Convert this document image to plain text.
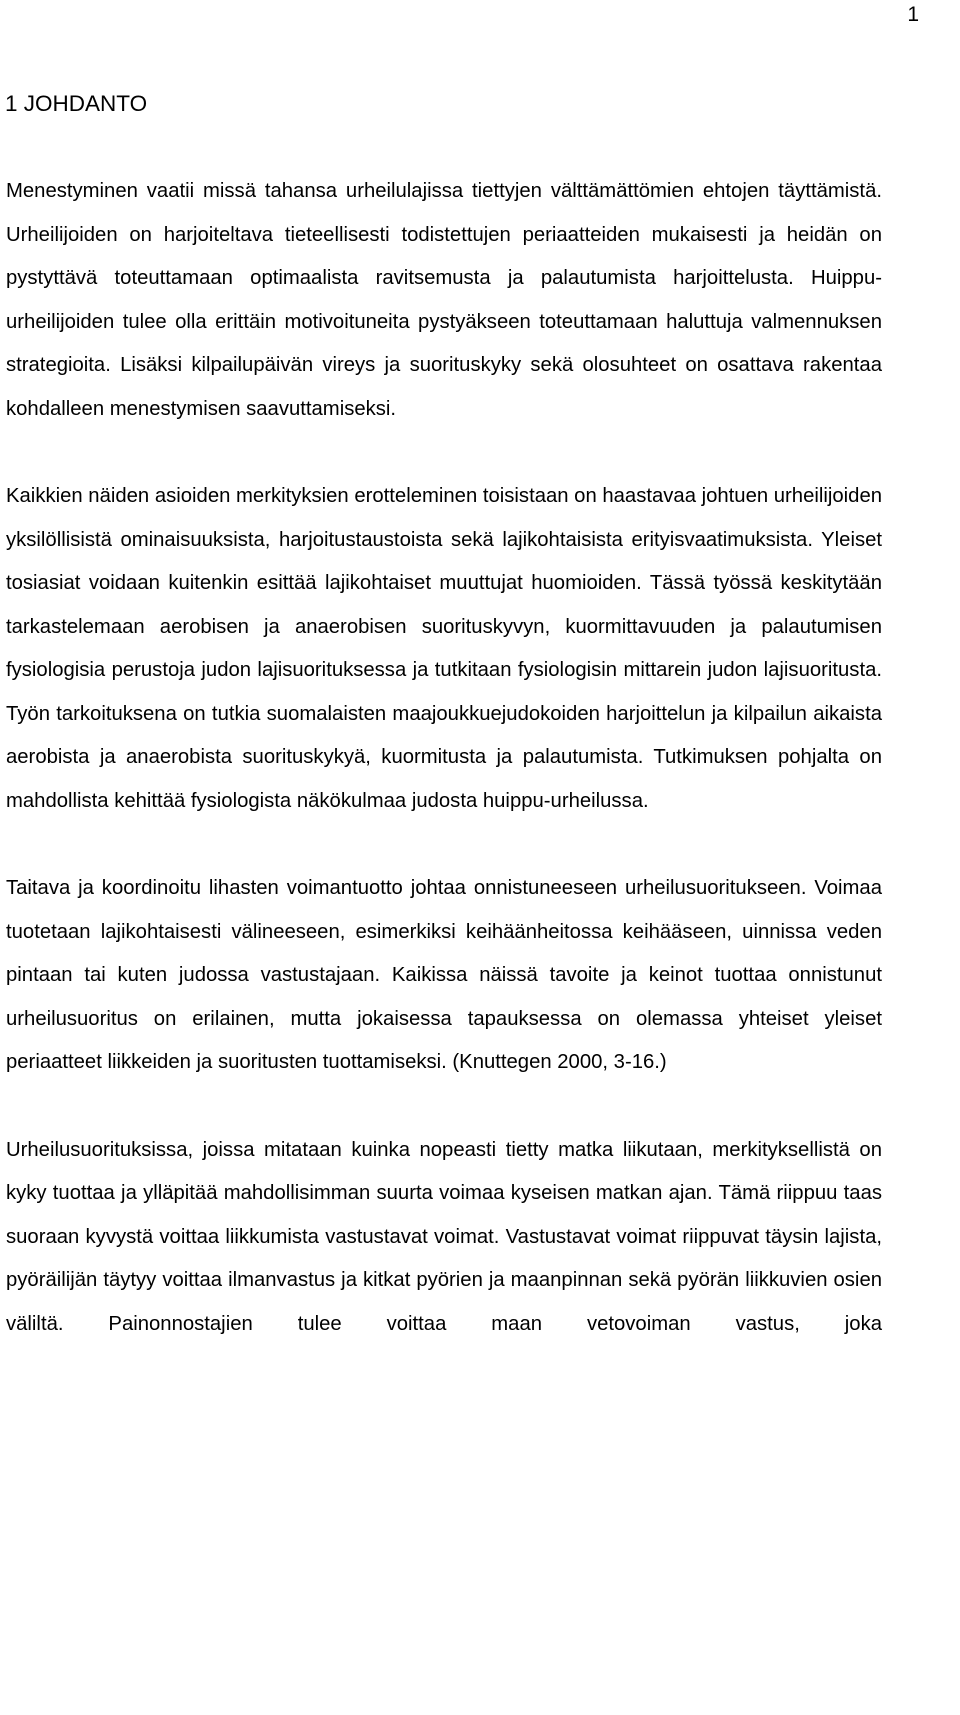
1
1 JOHDANTO

Menestyminen vaatii missä tahansa urheilulajissa tiettyjen välttämättömien ehtojen täyttämistä. Urheilijoiden on harjoiteltava tieteellisesti todistettujen periaatteiden mukaisesti ja heidän on pystyttävä toteuttamaan optimaalista ravitsemusta ja palautumista harjoittelusta. Huippu-urheilijoiden tulee olla erittäin motivoituneita pystyäkseen toteuttamaan haluttuja valmennuksen strategioita. Lisäksi kilpailupäivän vireys ja suorituskyky sekä olosuhteet on osattava rakentaa kohdalleen menestymisen saavuttamiseksi.

Kaikkien näiden asioiden merkityksien erotteleminen toisistaan on haastavaa johtuen urheilijoiden yksilöllisistä ominaisuuksista, harjoitustaustoista sekä lajikohtaisista erityisvaatimuksista. Yleiset tosiasiat voidaan kuitenkin esittää lajikohtaiset muuttujat huomioiden. Tässä työssä keskitytään tarkastelemaan aerobisen ja anaerobisen suorituskyvyn, kuormittavuuden ja palautumisen fysiologisia perustoja judon lajisuorituksessa ja tutkitaan fysiologisin mittarein judon lajisuoritusta. Työn tarkoituksena on tutkia suomalaisten maajoukkuejudokoiden harjoittelun ja kilpailun aikaista aerobista ja anaerobista suorituskykyä, kuormitusta ja palautumista. Tutkimuksen pohjalta on mahdollista kehittää fysiologista näkökulmaa judosta huippu-urheilussa.

Taitava ja koordinoitu lihasten voimantuotto johtaa onnistuneeseen urheilusuoritukseen. Voimaa tuotetaan lajikohtaisesti välineeseen, esimerkiksi keihäänheitossa keihääseen, uinnissa veden pintaan tai kuten judossa vastustajaan. Kaikissa näissä tavoite ja keinot tuottaa onnistunut urheilusuoritus on erilainen, mutta jokaisessa tapauksessa on olemassa yhteiset yleiset periaatteet liikkeiden ja suoritusten tuottamiseksi. (Knuttegen 2000, 3-16.)

Urheilusuorituksissa, joissa mitataan kuinka nopeasti tietty matka liikutaan, merkityksellistä on kyky tuottaa ja ylläpitää mahdollisimman suurta voimaa kyseisen matkan ajan. Tämä riippuu taas suoraan kyvystä voittaa liikkumista vastustavat voimat. Vastustavat voimat riippuvat täysin lajista, pyöräilijän täytyy voittaa ilmanvastus ja kitkat pyörien ja maanpinnan sekä pyörän liikkuvien osien väliltä. Painonnostajien tulee voittaa maan vetovoiman vastus, joka
